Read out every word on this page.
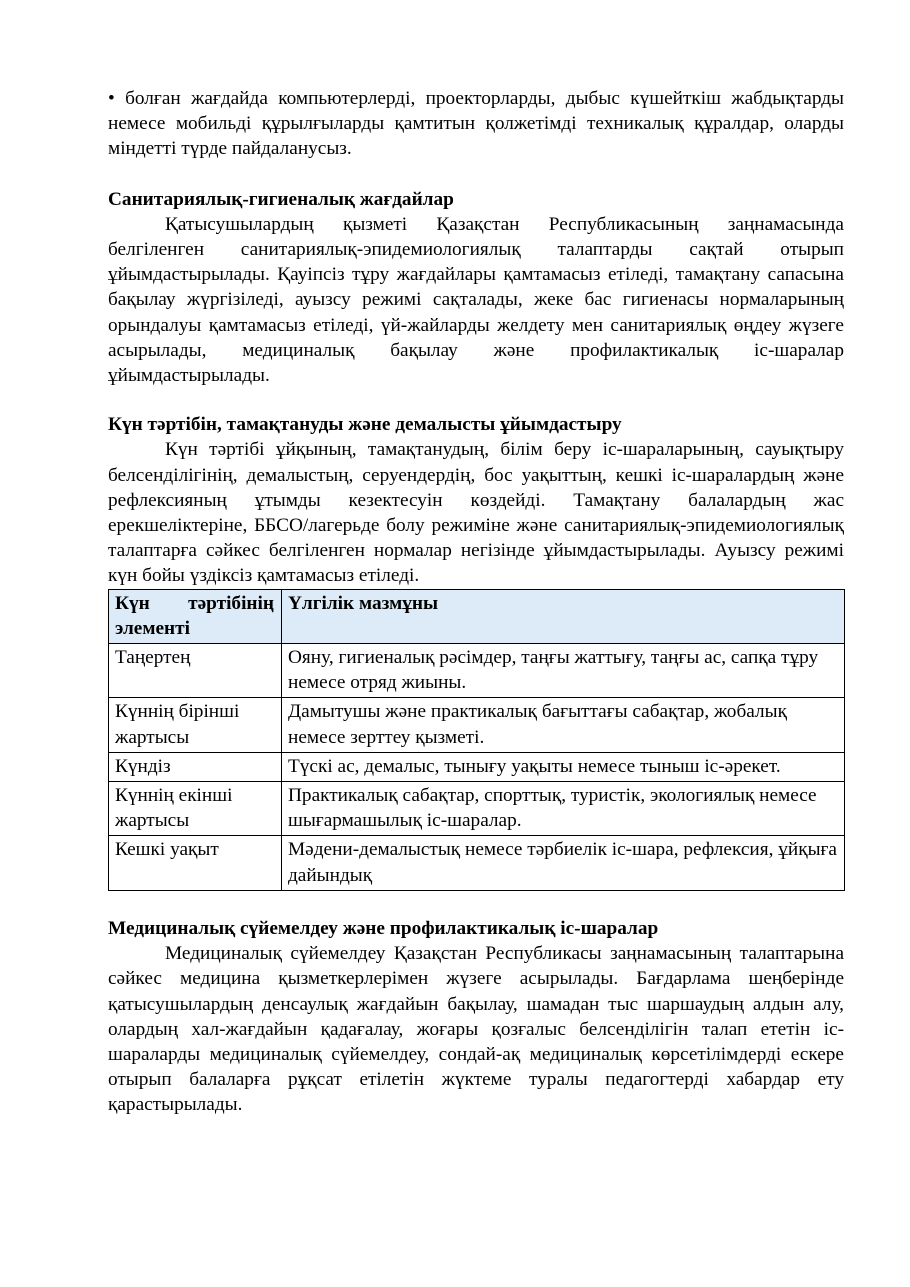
• болған жағдайда компьютерлерді, проекторларды, дыбыс күшейткіш жабдықтарды немесе мобильді құрылғыларды қамтитын қолжетімді техникалық құралдар, оларды міндетті түрде пайдаланусыз.

Санитариялық-гигиеналық жағдайлар

Қатысушылардың қызметі Қазақстан Республикасының заңнамасында белгіленген санитариялық-эпидемиологиялық талаптарды сақтай отырып ұйымдастырылады. Қауіпсіз тұру жағдайлары қамтамасыз етіледі, тамақтану сапасына бақылау жүргізіледі, ауызсу режимі сақталады, жеке бас гигиенасы нормаларының орындалуы қамтамасыз етіледі, үй-жайларды желдету мен санитариялық өңдеу жүзеге асырылады, медициналық бақылау және профилактикалық іс-шаралар ұйымдастырылады.

Күн тәртібін, тамақтануды және демалысты ұйымдастыру

Күн тәртібі ұйқының, тамақтанудың, білім беру іс-шараларының, сауықтыру белсенділігінің, демалыстың, серуендердің, бос уақыттың, кешкі іс-шаралардың және рефлексияның ұтымды кезектесуін көздейді. Тамақтану балалардың жас ерекшеліктеріне, ББСО/лагерьде болу режиміне және санитариялық-эпидемиологиялық талаптарға сәйкес белгіленген нормалар негізінде ұйымдастырылады. Ауызсу режимі күн бойы үздіксіз қамтамасыз етіледі.

Күн тәртібінің элементі	Үлгілік мазмұны
Таңертең	Ояну, гигиеналық рәсімдер, таңғы жаттығу, таңғы ас, сапқа тұру немесе отряд жиыны.
Күннің бірінші жартысы	Дамытушы және практикалық бағыттағы сабақтар, жобалық немесе зерттеу қызметі.
Күндіз	Түскі ас, демалыс, тынығу уақыты немесе тыныш іс-әрекет.
Күннің екінші жартысы	Практикалық сабақтар, спорттық, туристік, экологиялық немесе шығармашылық іс-шаралар.
Кешкі уақыт	Мәдени-демалыстық немесе тәрбиелік іс-шара, рефлексия, ұйқыға дайындық

Медициналық сүйемелдеу және профилактикалық іс-шаралар

Медициналық сүйемелдеу Қазақстан Республикасы заңнамасының талаптарына сәйкес медицина қызметкерлерімен жүзеге асырылады. Бағдарлама шеңберінде қатысушылардың денсаулық жағдайын бақылау, шамадан тыс шаршаудың алдын алу, олардың хал-жағдайын қадағалау, жоғары қозғалыс белсенділігін талап ететін іс-шараларды медициналық сүйемелдеу, сондай-ақ медициналық көрсетілімдерді ескере отырып балаларға рұқсат етілетін жүктеме туралы педагогтерді хабардар ету қарастырылады.
